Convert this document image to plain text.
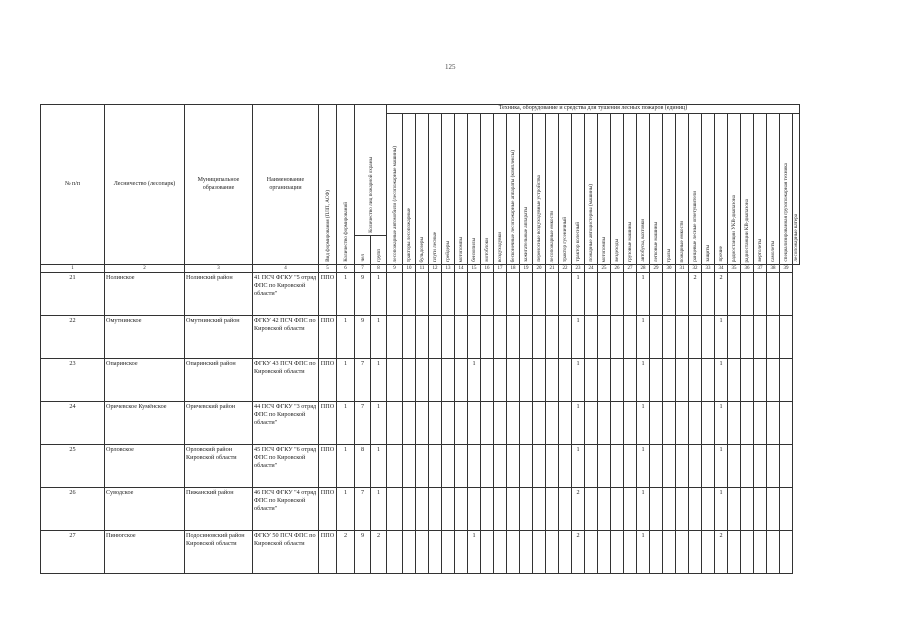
125
№ п/п	Лесничество (лесопарк)	Муниципальное образование	Наименование организации	Вид формирования (ПЛП, АСФ)	Количество формирований	Количество лиц пожарной охраны		Техника, оборудование и средства для тушения лесных пожаров (единиц)																															

								лесопожарные автомобили (лесопожарные машины)	тракторы лесопожарные	бульдозеры	плуги лесные	грейдеры	мотопомпы	бензопилы	мотоблоки	воздуходувки	бесконечные лесопожарные аппараты (комплексы)	зажигательные аппараты	переносные воздуходувные устройства	лесопожарные емкости	трактор гусеничный	трактор колесный	пожарные автоцистерны (машины)	мотопомпы	вездеходы	грузовые машины	автобусы, вахтовки	легковые машины	тралы	пожарные емкости	ранцевые лесные огнетушители	защиты	прочие	радиостанции УКВ-диапазона	радиостанции КВ-диапазона	вертолеты	самолеты	специализированная грузопожарная техника	лесопожарные катера

						чел	групп																																

1	2	3	4	5	6	7	8	9	10	11	12	13	14	15	16	17	18	19	20	21	22	23	24	25	26	27	28	29	30	31	32	33	34	35	36	37	38	39	
21	Нолинское	Нолинский район	41 ПСЧ ФГКУ "5 отряд ФПС по Кировской области"	ППО	1	9	1															1					1				2		2						
22	Омутнинское	Омутнинский район	ФГКУ 42 ПСЧ ФПС по Кировской области	ППО	1	9	1															1					1						1						
23	Опаринское	Опаринский район	ФГКУ 43 ПСЧ ФПС по Кировской области	ППО	1	7	1							1								1					1						1						
24	Оричевское Кумёнское	Оричевский район	44 ПСЧ ФГКУ "3 отряд ФПС по Кировской области"	ППО	1	7	1															1					1						1						
25	Орловское	Орловский район Кировской области	45 ПСЧ ФГКУ "6 отряд ФПС по Кировской области"	ППО	1	8	1															1					1						1						
26	Суводское	Пижанский район	46 ПСЧ ФГКУ "4 отряд ФПС по Кировской области"	ППО	1	7	1															2					1						1						
27	Пинюгское	Подосиновский район Кировской области	ФГКУ 50 ПСЧ ФПС по Кировской области	ППО	2	9	2							1								2					1						2						
